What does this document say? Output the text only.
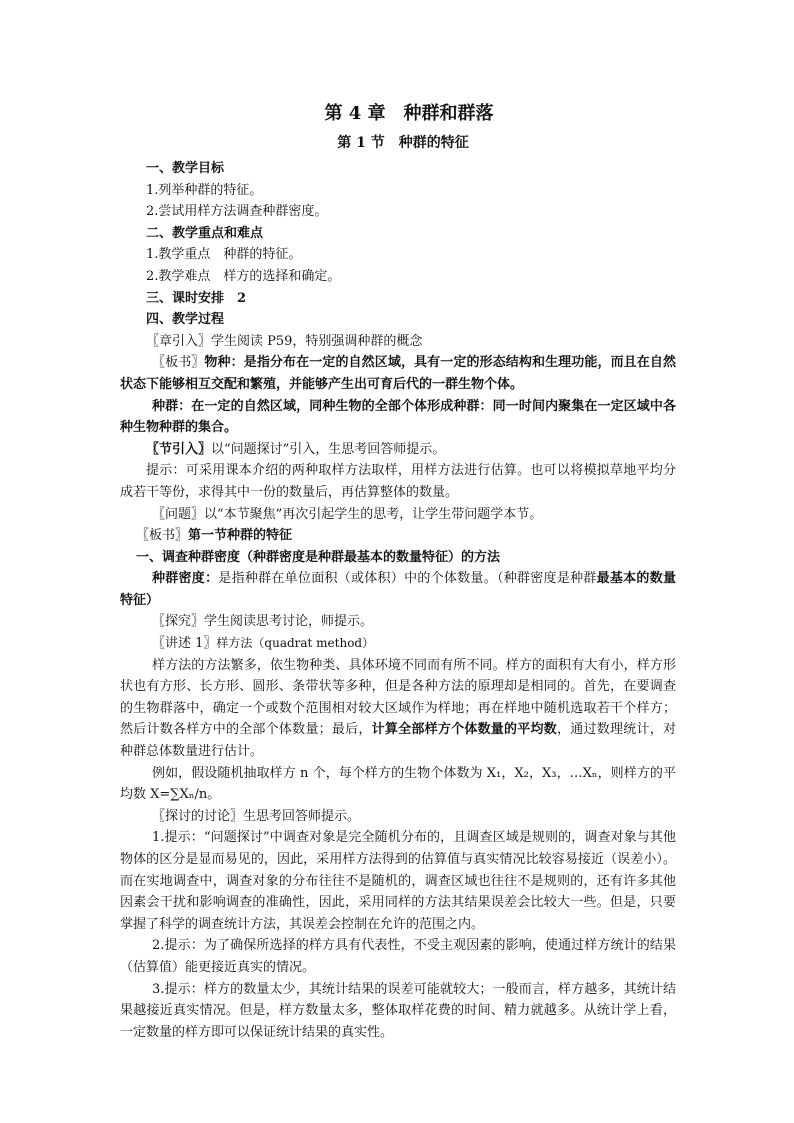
第 4 章　种群和群落
第 1 节　种群的特征

一、教学目标

1.列举种群的特征。

2.尝试用样方法调查种群密度。

二、教学重点和难点

1.教学重点　种群的特征。

2.教学难点　样方的选择和确定。

三、课时安排　2

四、教学过程

〖章引入〗学生阅读 P59，特别强调种群的概念

〖板书〗物种：是指分布在一定的自然区域，具有一定的形态结构和生理功能，而且在自然状态下能够相互交配和繁殖，并能够产生出可育后代的一群生物个体。

种群：在一定的自然区域，同种生物的全部个体形成种群：同一时间内聚集在一定区域中各种生物种群的集合。

〖节引入〗以“问题探讨”引入，生思考回答师提示。

提示：可采用课本介绍的两种取样方法取样，用样方法进行估算。也可以将模拟草地平均分成若干等份，求得其中一份的数量后，再估算整体的数量。

〖问题〗以“本节聚焦”再次引起学生的思考，让学生带问题学本节。

〖板书〗第一节种群的特征

一、调查种群密度（种群密度是种群最基本的数量特征）的方法

种群密度：是指种群在单位面积（或体积）中的个体数量。（种群密度是种群最基本的数量特征）

〖探究〗学生阅读思考讨论，师提示。

〖讲述 1〗样方法（quadrat method）

样方法的方法繁多，依生物种类、具体环境不同而有所不同。样方的面积有大有小，样方形状也有方形、长方形、圆形、条带状等多种，但是各种方法的原理却是相同的。首先，在要调查的生物群落中，确定一个或数个范围相对较大区域作为样地；再在样地中随机选取若干个样方；然后计数各样方中的全部个体数量；最后，计算全部样方个体数量的平均数，通过数理统计，对种群总体数量进行估计。

例如，假设随机抽取样方 n 个，每个样方的生物个体数为 X₁，X₂，X₃，…Xₙ，则样方的平均数 X=∑Xₙ/n。

〖探讨的讨论〗生思考回答师提示。

1.提示：“问题探讨”中调查对象是完全随机分布的，且调查区域是规则的，调查对象与其他物体的区分是显而易见的，因此，采用样方法得到的估算值与真实情况比较容易接近（误差小）。而在实地调查中，调查对象的分布往往不是随机的，调查区域也往往不是规则的，还有许多其他因素会干扰和影响调查的准确性，因此，采用同样的方法其结果误差会比较大一些。但是，只要掌握了科学的调查统计方法，其误差会控制在允许的范围之内。

2.提示：为了确保所选择的样方具有代表性，不受主观因素的影响，使通过样方统计的结果（估算值）能更接近真实的情况。

3.提示：样方的数量太少，其统计结果的误差可能就较大；一般而言，样方越多，其统计结果越接近真实情况。但是，样方数量太多，整体取样花费的时间、精力就越多。从统计学上看，一定数量的样方即可以保证统计结果的真实性。
